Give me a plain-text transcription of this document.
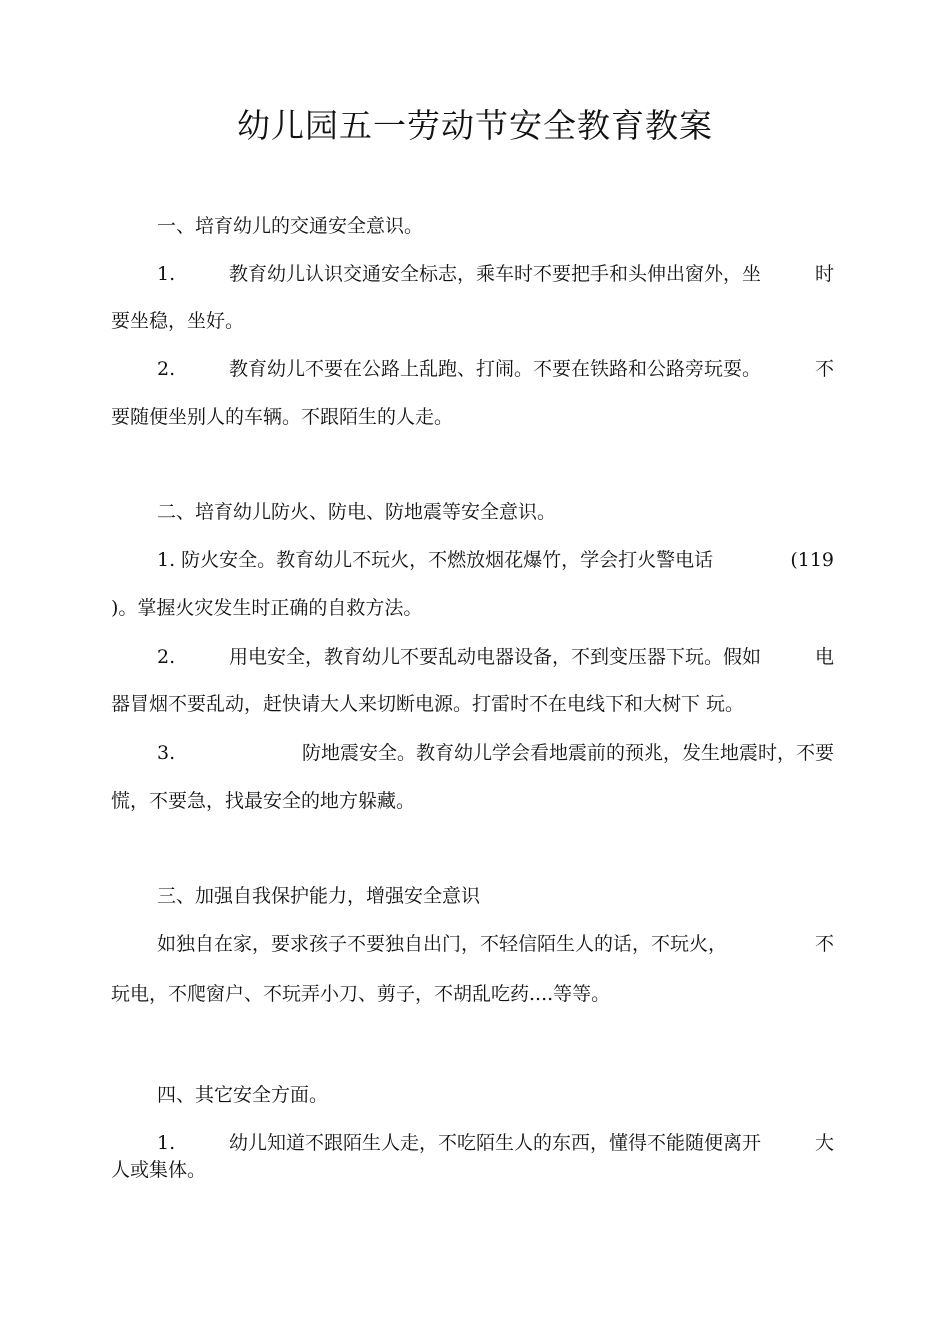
幼儿园五一劳动节安全教育教案
一、培育幼儿的交通安全意识。
1.	教育幼儿认识交通安全标志，乘车时不要把手和头伸出窗外，坐	时
要坐稳，坐好。
2.	教育幼儿不要在公路上乱跑、打闹。不要在铁路和公路旁玩耍。	不
要随便坐别人的车辆。不跟陌生的人走。
二、培育幼儿防火、防电、防地震等安全意识。
1. 防火安全。教育幼儿不玩火，不燃放烟花爆竹，学会打火警电话	(119
)。掌握火灾发生时正确的自救方法。
2.	用电安全，教育幼儿不要乱动电器设备，不到变压器下玩。假如	电
器冒烟不要乱动，赶快请大人来切断电源。打雷时不在电线下和大树下 玩。
3.	防地震安全。教育幼儿学会看地震前的预兆，发生地震时，不要
慌，不要急，找最安全的地方躲藏。
三、加强自我保护能力，增强安全意识
如独自在家，要求孩子不要独自出门，不轻信陌生人的话，不玩火，	不
玩电，不爬窗户、不玩弄小刀、剪子，不胡乱吃药....等等。
四、其它安全方面。
1.	幼儿知道不跟陌生人走，不吃陌生人的东西，懂得不能随便离开	大
人或集体。
